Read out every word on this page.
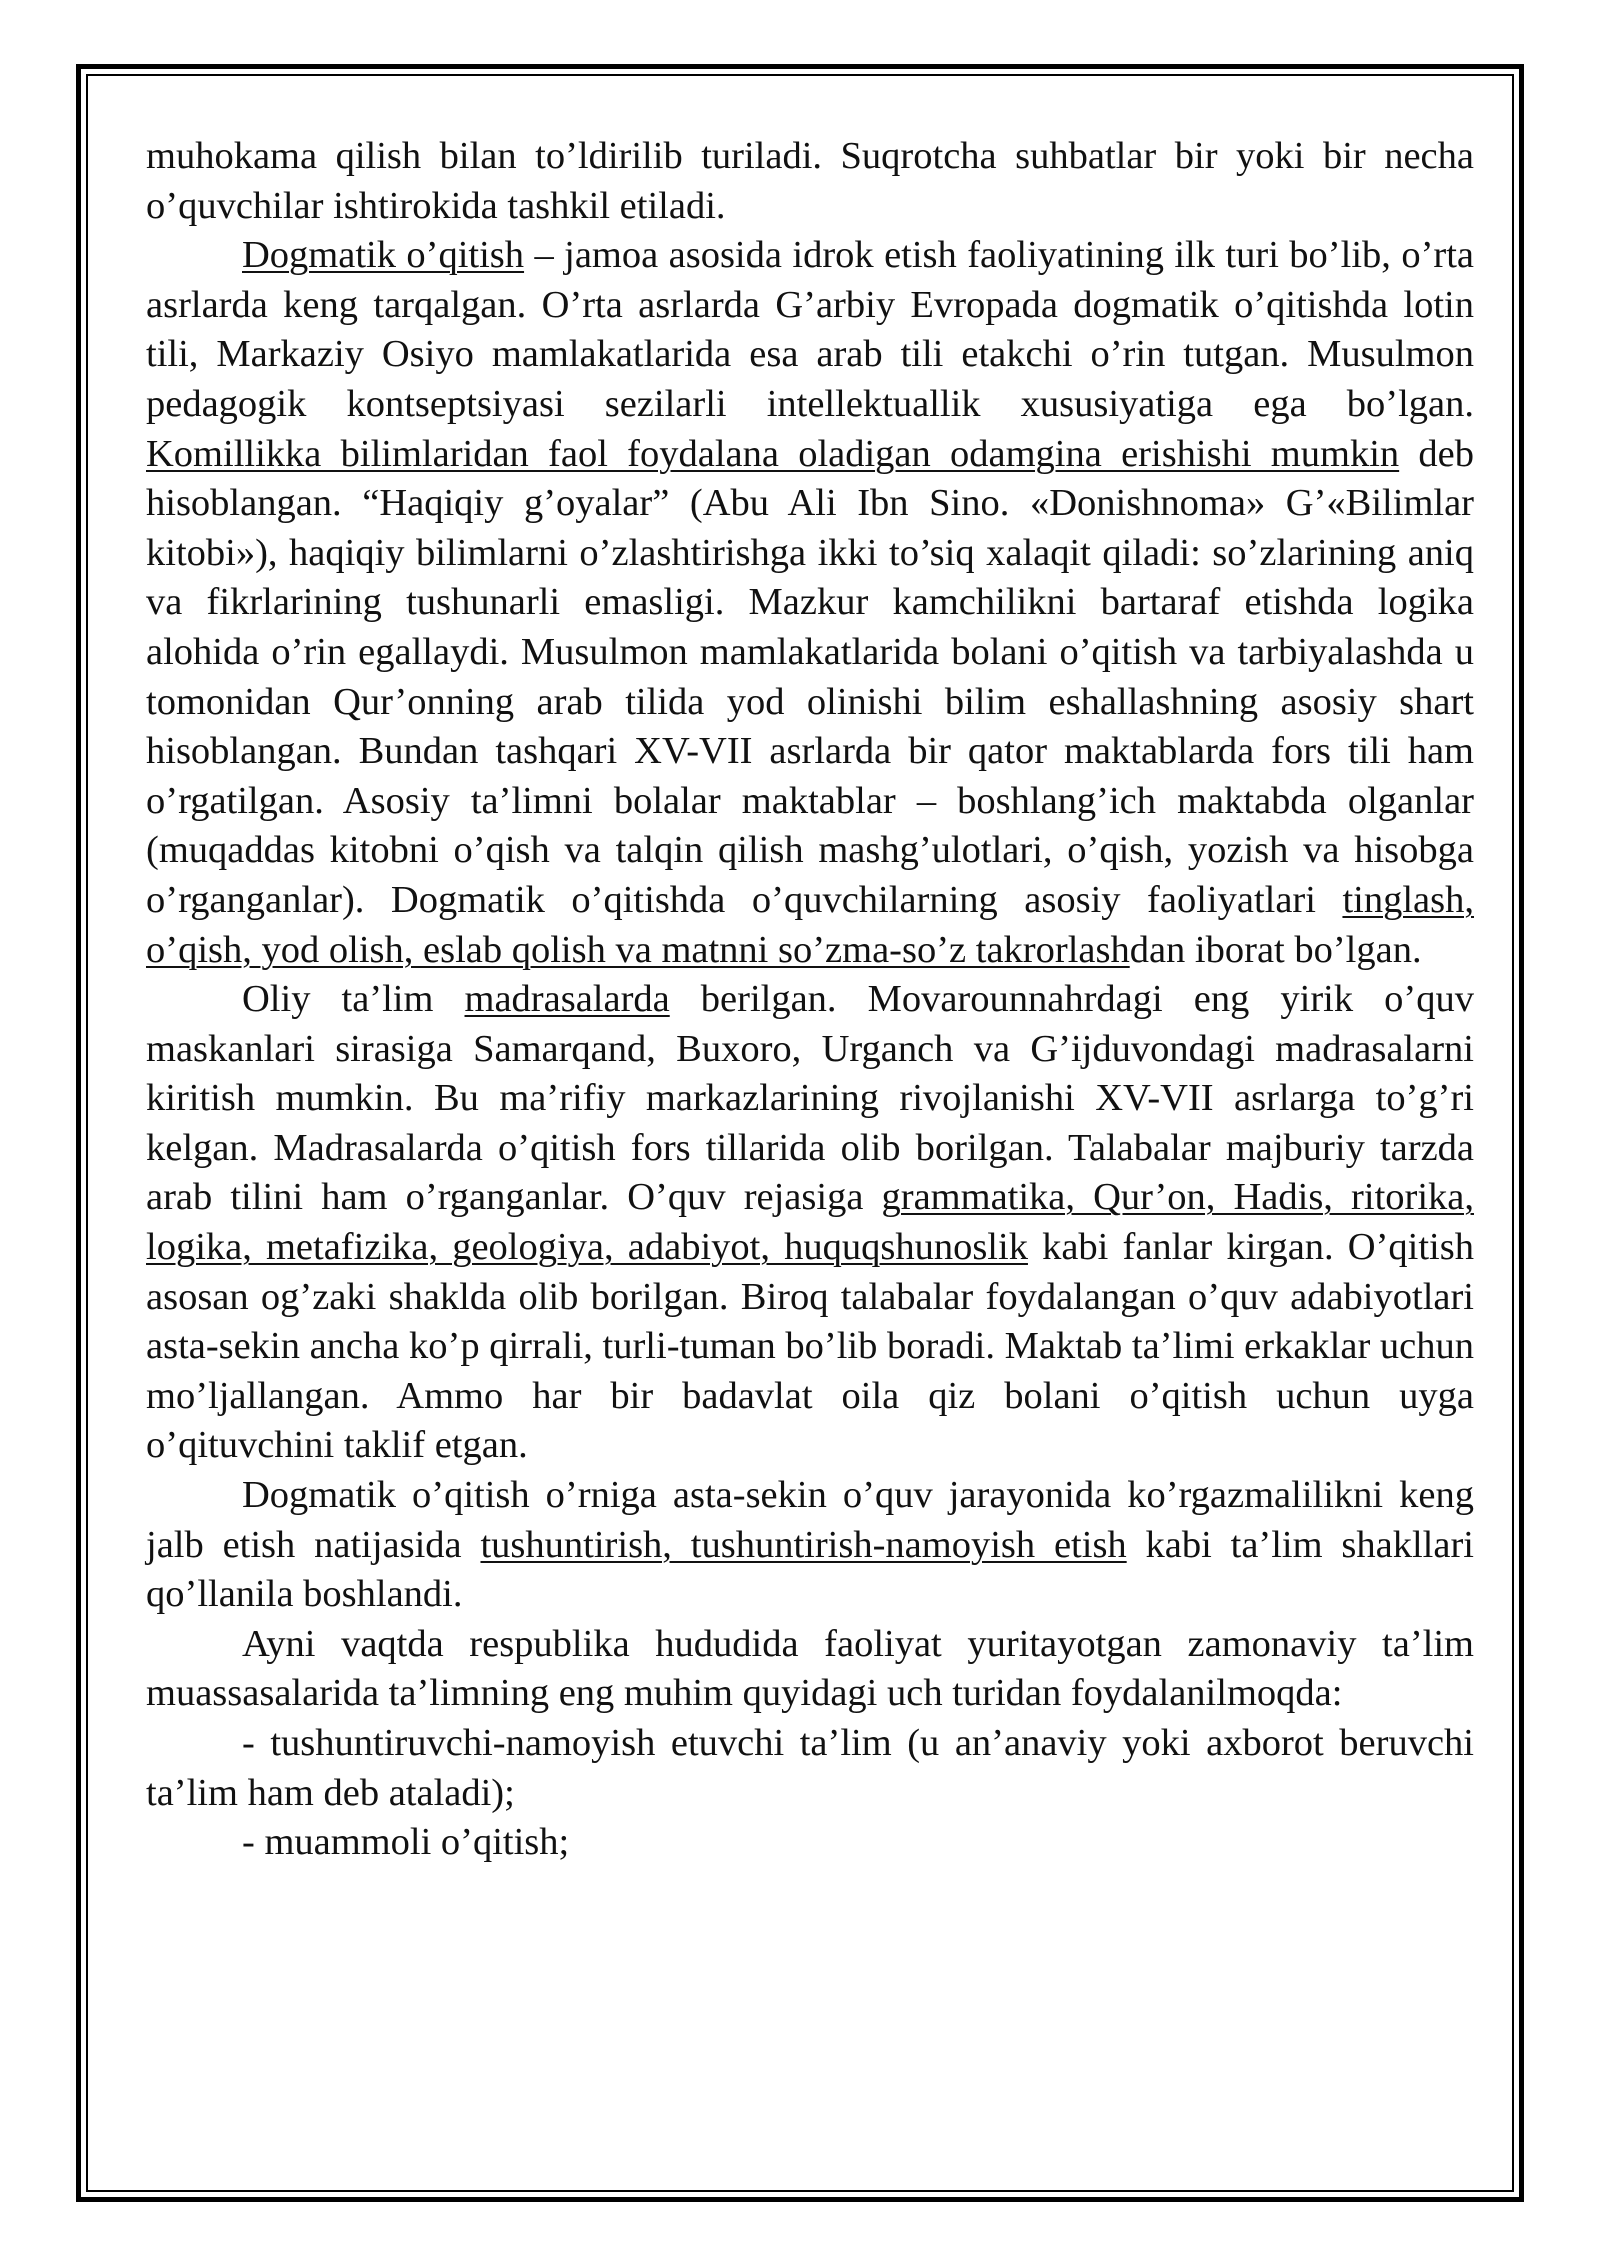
muhokama qilish bilan to’ldirilib turiladi. Suqrotcha suhbatlar bir yoki bir necha o’quvchilar ishtirokida tashkil etiladi.

Dogmatik o’qitish – jamoa asosida idrok etish faoliyatining ilk turi bo’lib, o’rta asrlarda keng tarqalgan. O’rta asrlarda G’arbiy Evropada dogmatik o’qitishda lotin tili, Markaziy Osiyo mamlakatlarida esa arab tili etakchi o’rin tutgan. Musulmon pedagogik kontseptsiyasi sezilarli intellektuallik xususiyatiga ega bo’lgan. Komillikka bilimlaridan faol foydalana oladigan odamgina erishishi mumkin deb hisoblangan. “Haqiqiy g’oyalar” (Abu Ali Ibn Sino. «Donishnoma» G’«Bilimlar kitobi»), haqiqiy bilimlarni o’zlashtirishga ikki to’siq xalaqit qiladi: so’zlarining aniq va fikrlarining tushunarli emasligi. Mazkur kamchilikni bartaraf etishda logika alohida o’rin egallaydi. Musulmon mamlakatlarida bolani o’qitish va tarbiyalashda u tomonidan Qur’onning arab tilida yod olinishi bilim eshallashning asosiy shart hisoblangan. Bundan tashqari XV-VII asrlarda bir qator maktablarda fors tili ham o’rgatilgan. Asosiy ta’limni bolalar maktablar – boshlang’ich maktabda olganlar (muqaddas kitobni o’qish va talqin qilish mashg’ulotlari, o’qish, yozish va hisobga o’rganganlar). Dogmatik o’qitishda o’quvchilarning asosiy faoliyatlari tinglash, o’qish, yod olish, eslab qolish va matnni so’zma-so’z takrorlashdan iborat bo’lgan.

Oliy ta’lim madrasalarda berilgan. Movarounnahrdagi eng yirik o’quv maskanlari sirasiga Samarqand, Buxoro, Urganch va G’ijduvondagi madrasalarni kiritish mumkin. Bu ma’rifiy markazlarining rivojlanishi XV-VII asrlarga to’g’ri kelgan. Madrasalarda o’qitish fors tillarida olib borilgan. Talabalar majburiy tarzda arab tilini ham o’rganganlar. O’quv rejasiga grammatika, Qur’on, Hadis, ritorika, logika, metafizika, geologiya, adabiyot, huquqshunoslik kabi fanlar kirgan. O’qitish asosan og’zaki shaklda olib borilgan. Biroq talabalar foydalangan o’quv adabiyotlari asta-sekin ancha ko’p qirrali, turli-tuman bo’lib boradi. Maktab ta’limi erkaklar uchun mo’ljallangan. Ammo har bir badavlat oila qiz bolani o’qitish uchun uyga o’qituvchini taklif etgan.

Dogmatik o’qitish o’rniga asta-sekin o’quv jarayonida ko’rgazmalilikni keng jalb etish natijasida tushuntirish, tushuntirish-namoyish etish kabi ta’lim shakllari qo’llanila boshlandi.

Ayni vaqtda respublika hududida faoliyat yuritayotgan zamonaviy ta’lim muassasalarida ta’limning eng muhim quyidagi uch turidan foydalanilmoqda:

- tushuntiruvchi-namoyish etuvchi ta’lim (u an’anaviy yoki axborot beruvchi ta’lim ham deb ataladi);

- muammoli o’qitish;
